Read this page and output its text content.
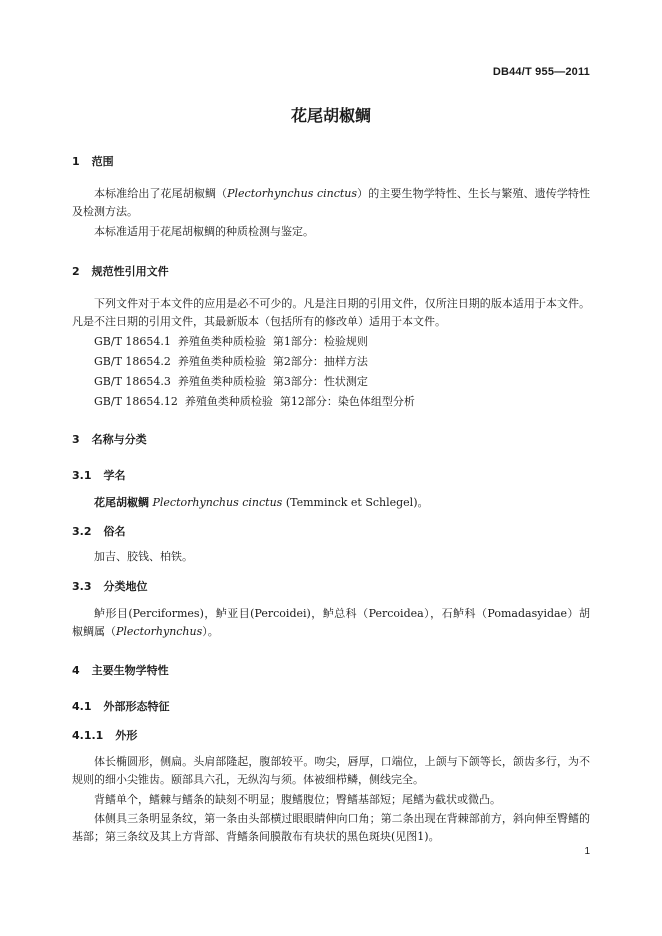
DB44/T 955—2011
花尾胡椒鲷
1 范围
本标准给出了花尾胡椒鲷（Plectorhynchus cinctus）的主要生物学特性、生长与繁殖、遗传学特性及检测方法。
本标准适用于花尾胡椒鲷的种质检测与鉴定。
2 规范性引用文件
下列文件对于本文件的应用是必不可少的。凡是注日期的引用文件，仅所注日期的版本适用于本文件。凡是不注日期的引用文件，其最新版本（包括所有的修改单）适用于本文件。
GB/T 18654.1  养殖鱼类种质检验  第1部分：检验规则
GB/T 18654.2  养殖鱼类种质检验  第2部分：抽样方法
GB/T 18654.3  养殖鱼类种质检验  第3部分：性状测定
GB/T 18654.12  养殖鱼类种质检验  第12部分：染色体组型分析
3 名称与分类
3.1 学名
花尾胡椒鲷 Plectorhynchus cinctus (Temminck et Schlegel)。
3.2 俗名
加吉、胶钱、柏铁。
3.3 分类地位
鲈形目(Perciformes)，鲈亚目(Percoidei)，鲈总科（Percoidea），石鲈科（Pomadasyidae）胡椒鲷属（Plectorhynchus）。
4 主要生物学特性
4.1 外部形态特征
4.1.1 外形
体长椭圆形，侧扁。头肩部隆起，腹部较平。吻尖，唇厚，口端位，上颌与下颌等长，颌齿多行，为不规则的细小尖锥齿。颐部具六孔，无纵沟与须。体被细栉鳞，侧线完全。
背鳍单个，鳍棘与鳍条的缺刻不明显；腹鳍腹位；臀鳍基部短；尾鳍为截状或微凸。
体侧具三条明显条纹，第一条由头部横过眼眼睛伸向口角；第二条出现在背棘部前方，斜向伸至臀鳍的基部；第三条纹及其上方背部、背鳍条间膜散布有块状的黑色斑块(见图1)。
1
